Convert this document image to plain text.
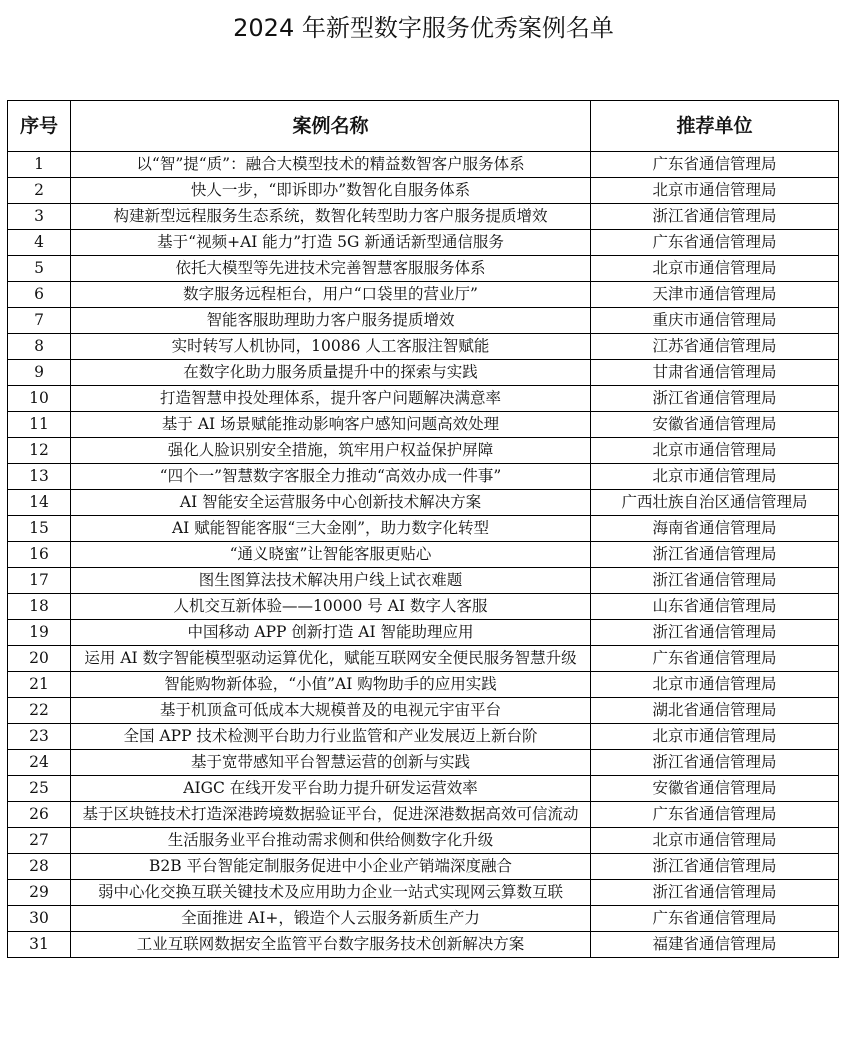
2024 年新型数字服务优秀案例名单
序号	案例名称	推荐单位
1	以“智”提“质”：融合大模型技术的精益数智客户服务体系	广东省通信管理局
2	快人一步，“即诉即办”数智化自服务体系	北京市通信管理局
3	构建新型远程服务生态系统，数智化转型助力客户服务提质增效	浙江省通信管理局
4	基于“视频+AI 能力”打造 5G 新通话新型通信服务	广东省通信管理局
5	依托大模型等先进技术完善智慧客服服务体系	北京市通信管理局
6	数字服务远程柜台，用户“口袋里的营业厅”	天津市通信管理局
7	智能客服助理助力客户服务提质增效	重庆市通信管理局
8	实时转写人机协同，10086 人工客服注智赋能	江苏省通信管理局
9	在数字化助力服务质量提升中的探索与实践	甘肃省通信管理局
10	打造智慧申投处理体系，提升客户问题解决满意率	浙江省通信管理局
11	基于 AI 场景赋能推动影响客户感知问题高效处理	安徽省通信管理局
12	强化人脸识别安全措施，筑牢用户权益保护屏障	北京市通信管理局
13	“四个一”智慧数字客服全力推动“高效办成一件事”	北京市通信管理局
14	AI 智能安全运营服务中心创新技术解决方案	广西壮族自治区通信管理局
15	AI 赋能智能客服“三大金刚”，助力数字化转型	海南省通信管理局
16	“通义晓蜜”让智能客服更贴心	浙江省通信管理局
17	图生图算法技术解决用户线上试衣难题	浙江省通信管理局
18	人机交互新体验——10000 号 AI 数字人客服	山东省通信管理局
19	中国移动 APP 创新打造 AI 智能助理应用	浙江省通信管理局
20	运用 AI 数字智能模型驱动运算优化，赋能互联网安全便民服务智慧升级	广东省通信管理局
21	智能购物新体验，“小值”AI 购物助手的应用实践	北京市通信管理局
22	基于机顶盒可低成本大规模普及的电视元宇宙平台	湖北省通信管理局
23	全国 APP 技术检测平台助力行业监管和产业发展迈上新台阶	北京市通信管理局
24	基于宽带感知平台智慧运营的创新与实践	浙江省通信管理局
25	AIGC 在线开发平台助力提升研发运营效率	安徽省通信管理局
26	基于区块链技术打造深港跨境数据验证平台，促进深港数据高效可信流动	广东省通信管理局
27	生活服务业平台推动需求侧和供给侧数字化升级	北京市通信管理局
28	B2B 平台智能定制服务促进中小企业产销端深度融合	浙江省通信管理局
29	弱中心化交换互联关键技术及应用助力企业一站式实现网云算数互联	浙江省通信管理局
30	全面推进 AI+，锻造个人云服务新质生产力	广东省通信管理局
31	工业互联网数据安全监管平台数字服务技术创新解决方案	福建省通信管理局
